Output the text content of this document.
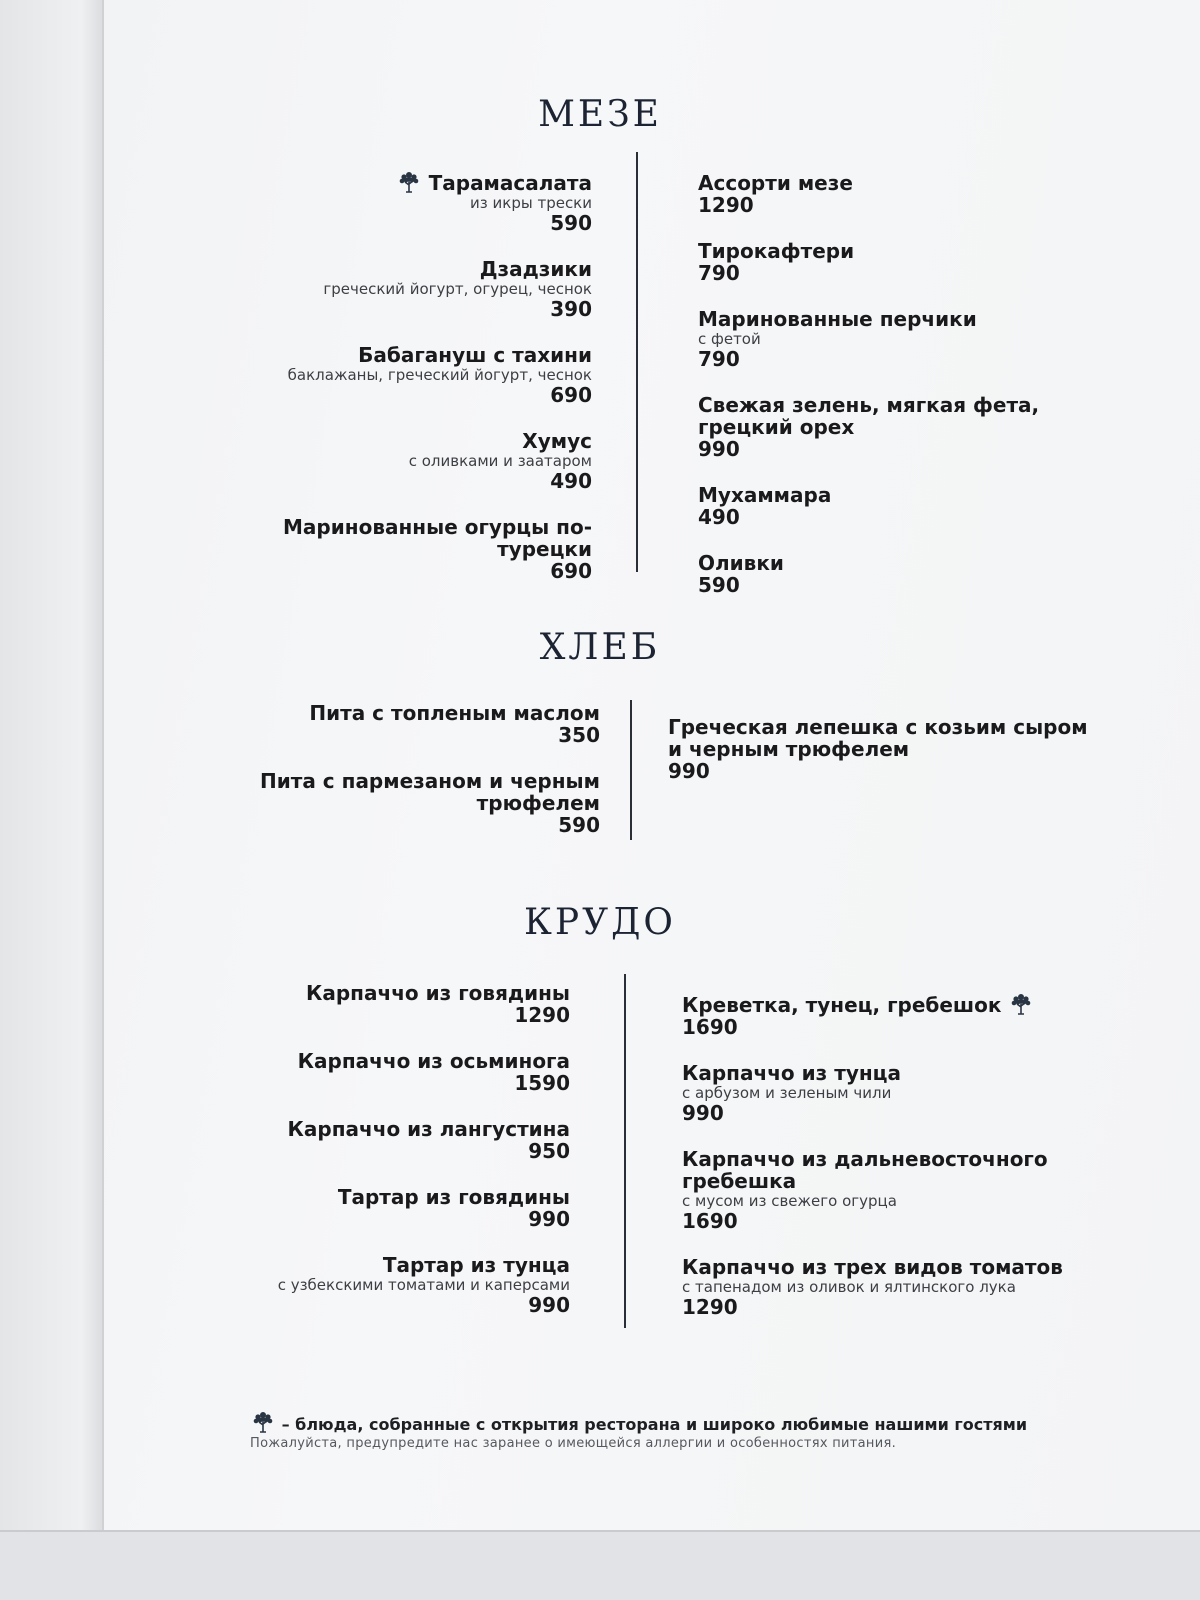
МЕЗЕ
Тарамасалата
из икры трески
590
Дзадзики
греческий йогурт, огурец, чеснок
390
Бабагануш с тахини
баклажаны, греческий йогурт, чеснок
690
Хумус
с оливками и заатаром
490
Маринованные огурцы по-турецки
690
Ассорти мезе
1290
Тирокафтери
790
Маринованные перчики
с фетой
790
Свежая зелень, мягкая фета, грецкий орех
990
Мухаммара
490
Оливки
590
ХЛЕБ
Пита с топленым маслом
350
Пита с пармезаном и черным трюфелем
590
Греческая лепешка с козьим сыром и черным трюфелем
990
КРУДО
Карпаччо из говядины
1290
Карпаччо из осьминога
1590
Карпаччо из лангустина
950
Тартар из говядины
990
Тартар из тунца
с узбекскими томатами и каперсами
990
Креветка, тунец, гребешок
1690
Карпаччо из тунца
с арбузом и зеленым чили
990
Карпаччо из дальневосточного гребешка
с мусом из свежего огурца
1690
Карпаччо из трех видов томатов
с тапенадом из оливок и ялтинского лука
1290
– блюда, собранные с открытия ресторана и широко любимые нашими гостями
Пожалуйста, предупредите нас заранее о имеющейся аллергии и особенностях питания.
